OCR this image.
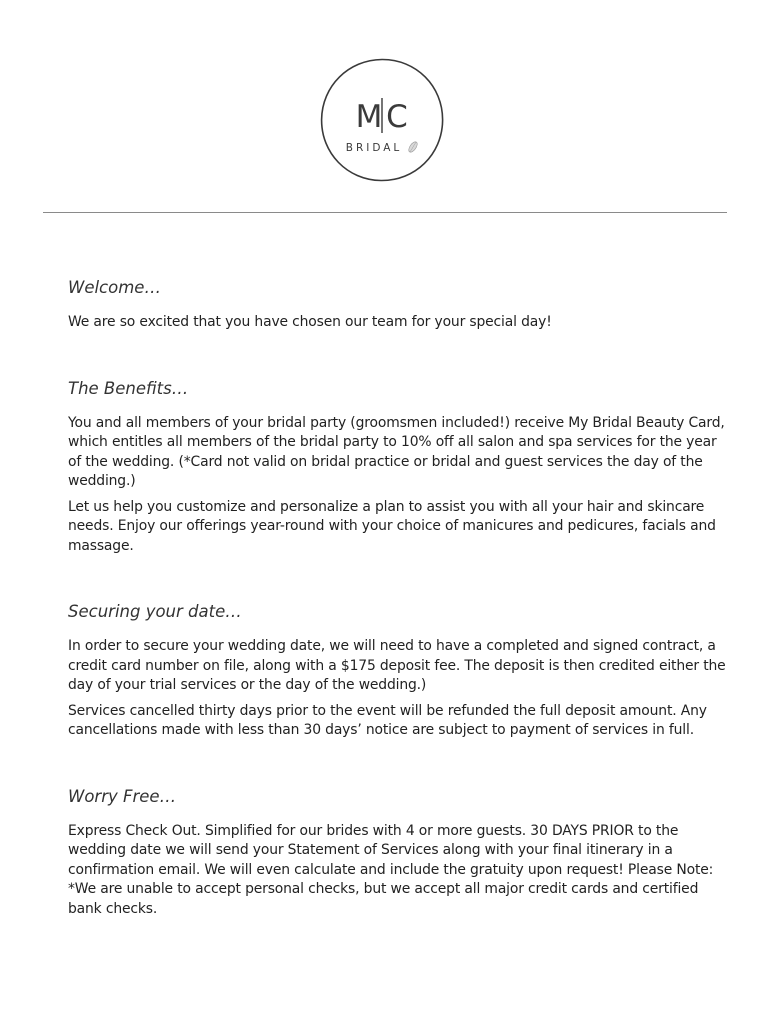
M C
BRIDAL
Welcome…

We are so excited that you have chosen our team for your special day!

The Benefits…

You and all members of your bridal party (groomsmen included!) receive My Bridal Beauty Card, which entitles all members of the bridal party to 10% off all salon and spa services for the year of the wedding. (*Card not valid on bridal practice or bridal and guest services the day of the wedding.)

Let us help you customize and personalize a plan to assist you with all your hair and skincare needs. Enjoy our offerings year-round with your choice of manicures and pedicures, facials and massage.

Securing your date…

In order to secure your wedding date, we will need to have a completed and signed contract, a credit card number on file, along with a $175 deposit fee. The deposit is then credited either the day of your trial services or the day of the wedding.)

Services cancelled thirty days prior to the event will be refunded the full deposit amount. Any cancellations made with less than 30 days’ notice are subject to payment of services in full.

Worry Free…

Express Check Out. Simplified for our brides with 4 or more guests. 30 DAYS PRIOR to the wedding date we will send your Statement of Services along with your final itinerary in a confirmation email. We will even calculate and include the gratuity upon request! Please Note: *We are unable to accept personal checks, but we accept all major credit cards and certified bank checks.
